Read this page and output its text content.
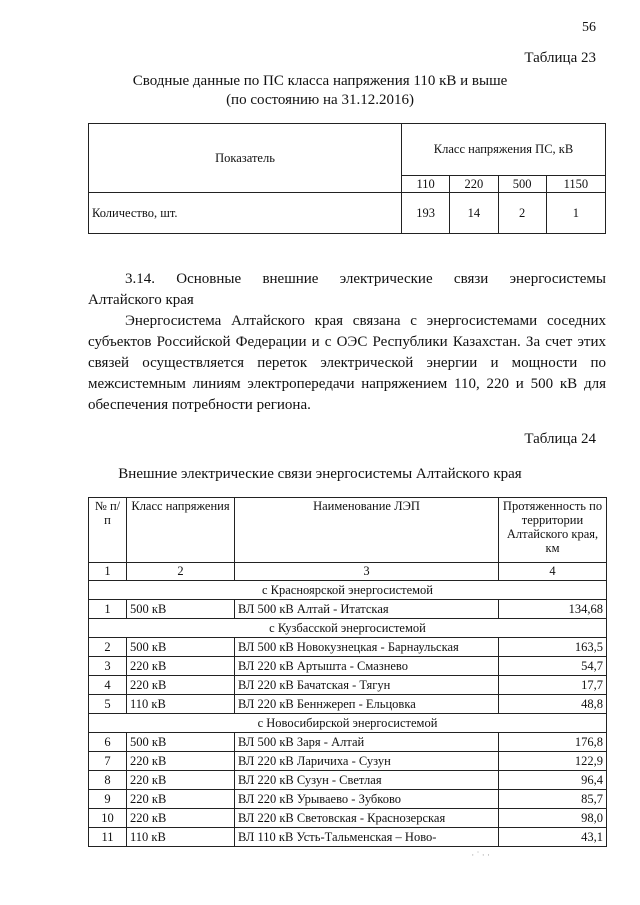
56
Таблица 23
Сводные данные по ПС класса напряжения 110 кВ и выше
(по состоянию на 31.12.2016)
Показатель	Класс напряжения ПС, кВ			
	110	220	500	1150
Количество, шт.	193	14	2	1
3.14. Основные внешние электрические связи энергосистемы
Алтайского края
Энергосистема Алтайского края связана с энергосистемами соседних
субъектов Российской Федерации и с ОЭС Республики Казахстан. За счет этих связей осуществляется переток электрической энергии и мощности по межсистемным линиям электропередачи напряжением 110, 220 и 500 кВ для обеспечения потребности региона.
Таблица 24
Внешние электрические связи энергосистемы Алтайского края
№ п/п	Класс напряжения	Наименование ЛЭП	Протяженность по территории Алтайского края, км
1	2	3	4
с Красноярской энергосистемой			
1	500 кВ	ВЛ 500 кВ Алтай - Итатская	134,68
с Кузбасской энергосистемой			
2	500 кВ	ВЛ 500 кВ Новокузнецкая - Барнаульская	163,5
3	220 кВ	ВЛ 220 кВ Артышта - Смазнево	54,7
4	220 кВ	ВЛ 220 кВ Бачатская - Тягун	17,7
5	110 кВ	ВЛ 220 кВ Беннжереп - Ельцовка	48,8
с Новосибирской энергосистемой			
6	500 кВ	ВЛ 500 кВ Заря - Алтай	176,8
7	220 кВ	ВЛ 220 кВ Ларичиха - Сузун	122,9
8	220 кВ	ВЛ 220 кВ Сузун - Светлая	96,4
9	220 кВ	ВЛ 220 кВ Урываево - Зубково	85,7
10	220 кВ	ВЛ 220 кВ Световская - Краснозерская	98,0
11	110 кВ	ВЛ 110 кВ Усть-Тальменская – Ново-	43,1
· ˙ · ·
